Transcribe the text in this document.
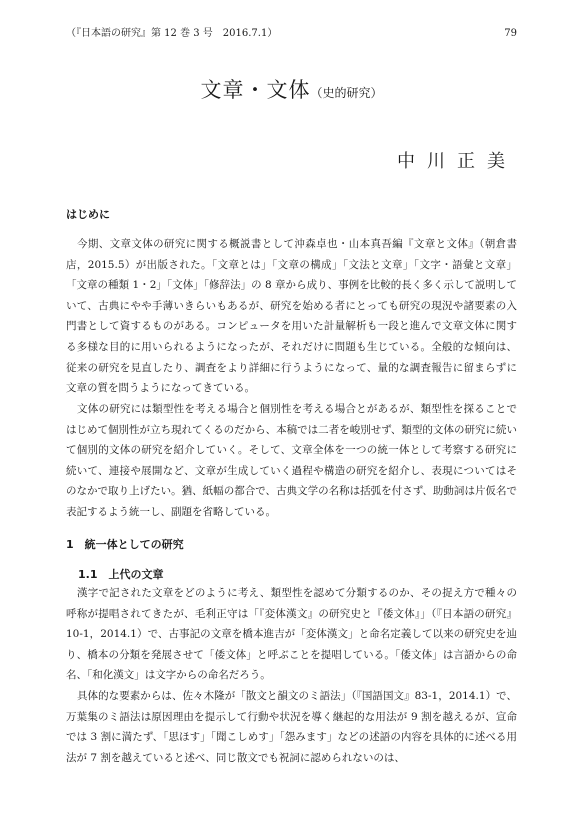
（『日本語の研究』第 12 巻 3 号　2016.7.1）	79
文章・文体（史的研究）
中川正美
はじめに

今期、文章文体の研究に関する概説書として沖森卓也・山本真吾編『文章と文体』（朝倉書店，2015.5）が出版された。「文章とは」「文章の構成」「文法と文章」「文字・語彙と文章」「文章の種類 1・2」「文体」「修辞法」の 8 章から成り、事例を比較的長く多く示して説明していて、古典にやや手薄いきらいもあるが、研究を始める者にとっても研究の現況や諸要素の入門書として資するものがある。コンピュータを用いた計量解析も一段と進んで文章文体に関する多様な目的に用いられるようになったが、それだけに問題も生じている。全般的な傾向は、従来の研究を見直したり、調査をより詳細に行うようになって、量的な調査報告に留まらずに文章の質を問うようになってきている。

文体の研究には類型性を考える場合と個別性を考える場合とがあるが、類型性を探ることではじめて個別性が立ち現れてくるのだから、本稿では二者を峻別せず、類型的文体の研究に続いて個別的文体の研究を紹介していく。そして、文章全体を一つの統一体として考察する研究に続いて、連接や展開など、文章が生成していく過程や構造の研究を紹介し、表現についてはそのなかで取り上げたい。猶、紙幅の都合で、古典文学の名称は括弧を付さず、助動詞は片仮名で表記するよう統一し、副題を省略している。

1　統一体としての研究
1.1　上代の文章

漢字で記された文章をどのように考え、類型性を認めて分類するのか、その捉え方で種々の呼称が提唱されてきたが、毛利正守は「『変体漢文』の研究史と『倭文体』」（『日本語の研究』10-1，2014.1）で、古事記の文章を橋本進吉が「変体漢文」と命名定義して以来の研究史を辿り、橋本の分類を発展させて「倭文体」と呼ぶことを提唱している。「倭文体」は言語からの命名、「和化漢文」は文字からの命名だろう。

具体的な要素からは、佐々木隆が「散文と韻文のミ語法」（『国語国文』83-1，2014.1）で、万葉集のミ語法は原因理由を提示して行動や状況を導く継起的な用法が 9 割を越えるが、宣命では 3 割に満たず、「思ほす」「聞こしめす」「怨みます」などの述語の内容を具体的に述べる用法が 7 割を越えていると述べ、同じ散文でも祝詞に認められないのは、
